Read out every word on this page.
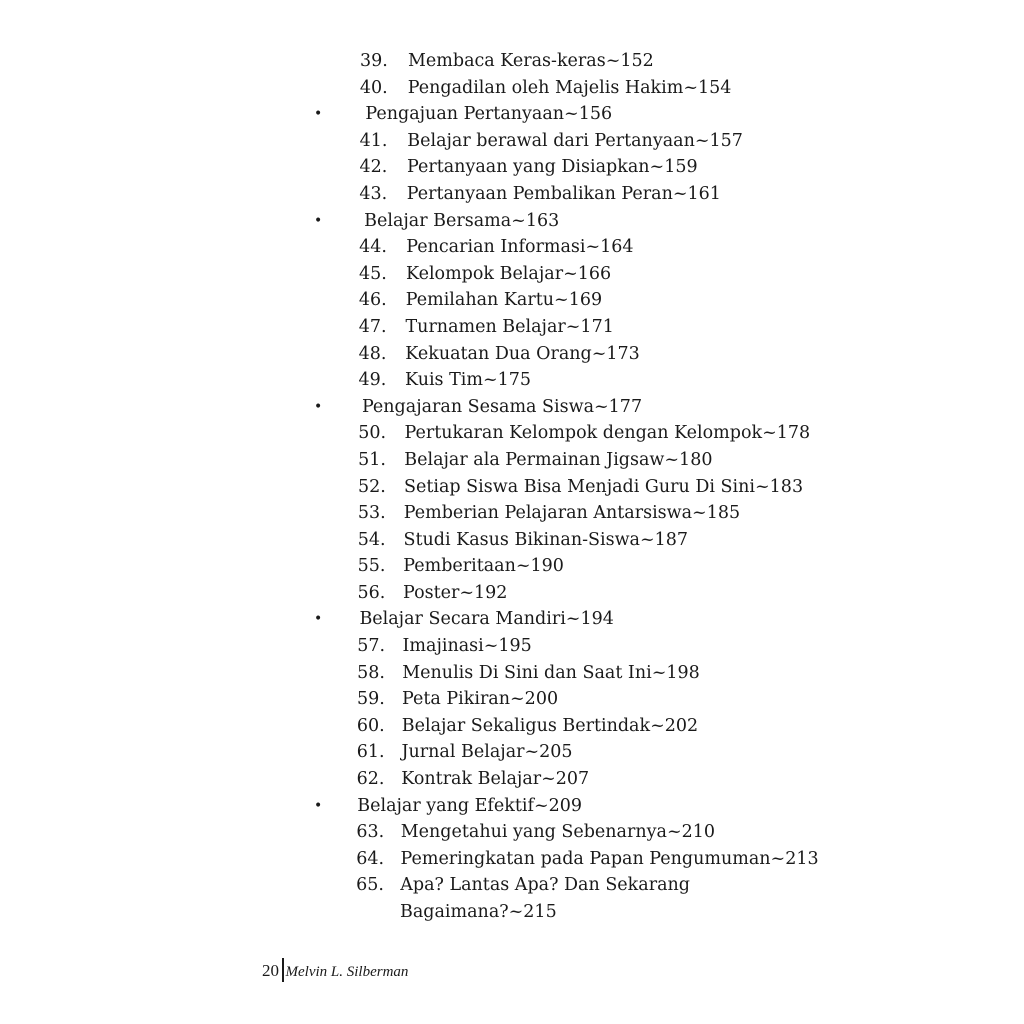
39. Membaca Keras-keras~152
40. Pengadilan oleh Majelis Hakim~154
• Pengajuan Pertanyaan~156
41. Belajar berawal dari Pertanyaan~157
42. Pertanyaan yang Disiapkan~159
43. Pertanyaan Pembalikan Peran~161
• Belajar Bersama~163
44. Pencarian Informasi~164
45. Kelompok Belajar~166
46. Pemilahan Kartu~169
47. Turnamen Belajar~171
48. Kekuatan Dua Orang~173
49. Kuis Tim~175
• Pengajaran Sesama Siswa~177
50. Pertukaran Kelompok dengan Kelompok~178
51. Belajar ala Permainan Jigsaw~180
52. Setiap Siswa Bisa Menjadi Guru Di Sini~183
53. Pemberian Pelajaran Antarsiswa~185
54. Studi Kasus Bikinan-Siswa~187
55. Pemberitaan~190
56. Poster~192
• Belajar Secara Mandiri~194
57. Imajinasi~195
58. Menulis Di Sini dan Saat Ini~198
59. Peta Pikiran~200
60. Belajar Sekaligus Bertindak~202
61. Jurnal Belajar~205
62. Kontrak Belajar~207
• Belajar yang Efektif~209
63. Mengetahui yang Sebenarnya~210
64. Pemeringkatan pada Papan Pengumuman~213
65. Apa? Lantas Apa? Dan Sekarang
Bagaimana?~215
20 Melvin L. Silberman
